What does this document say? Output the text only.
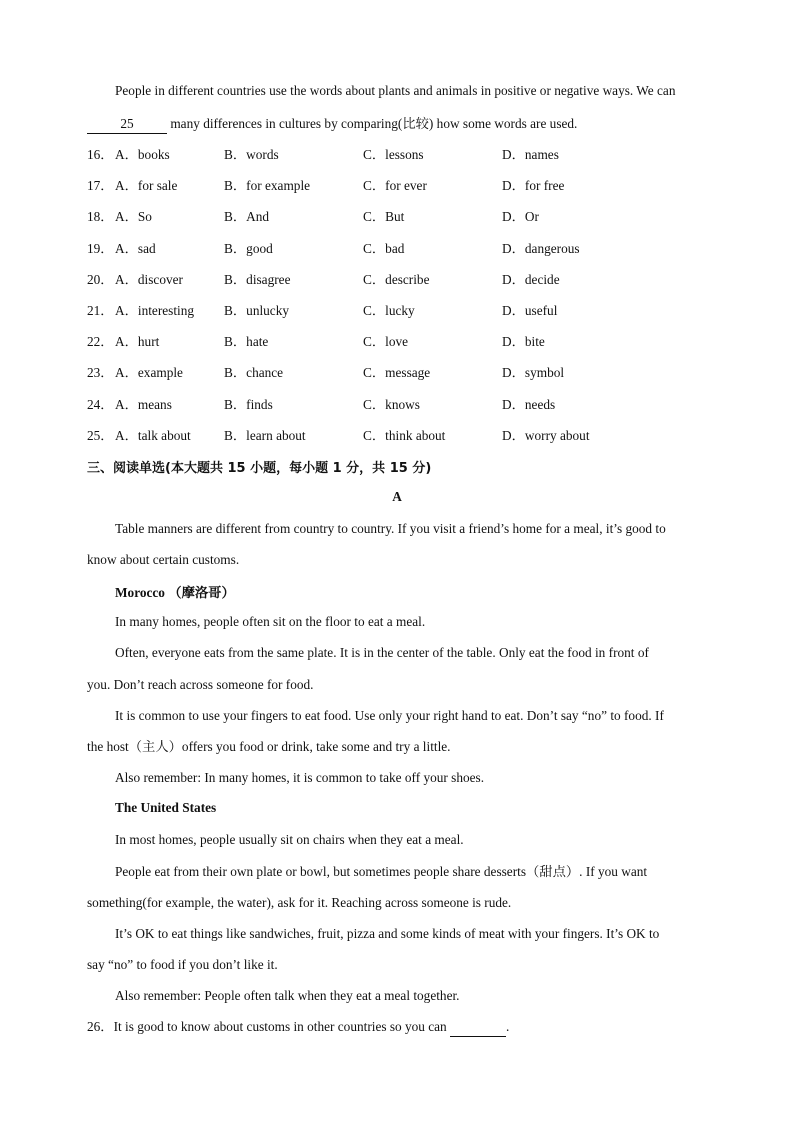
People in different countries use the words about plants and animals in positive or negative ways. We can
25	many differences in cultures by comparing(比较) how some words are used.
16． A．books	B．words	C．lessons	D．names
17． A．for sale	B．for example	C．for ever	D．for free
18． A．So	B．And	C．But	D．Or
19． A．sad	B．good	C．bad	D．dangerous
20． A．discover	B．disagree	C．describe	D．decide
21． A．interesting B．unlucky	C．lucky	D．useful
22． A．hurt	B．hate	C．love	D．bite
23． A．example	B．chance	C．message	D．symbol
24． A．means	B．finds	C．knows	D．needs
25． A．talk about	B．learn about	C．think about	D．worry about
三、阅读单选(本大题共 15 小题，每小题 1 分，共 15 分)
A
Table manners are different from country to country. If you visit a friend’s home for a meal, it’s good to
know about certain customs.
Morocco （摩洛哥）
In many homes, people often sit on the floor to eat a meal.
Often, everyone eats from the same plate. It is in the center of the table. Only eat the food in front of
you. Don’t reach across someone for food.
It is common to use your fingers to eat food. Use only your right hand to eat. Don’t say “no” to food. If
the host（主人）offers you food or drink, take some and try a little.
Also remember: In many homes, it is common to take off your shoes.
The United States
In most homes, people usually sit on chairs when they eat a meal.
People eat from their own plate or bowl, but sometimes people share desserts（甜点）. If you want
something(for example, the water), ask for it. Reaching across someone is rude.
It’s OK to eat things like sandwiches, fruit, pizza and some kinds of meat with your fingers. It’s OK to
say “no” to food if you don’t like it.
Also remember: People often talk when they eat a meal together.
26．It is good to know about customs in other countries so you can	.
